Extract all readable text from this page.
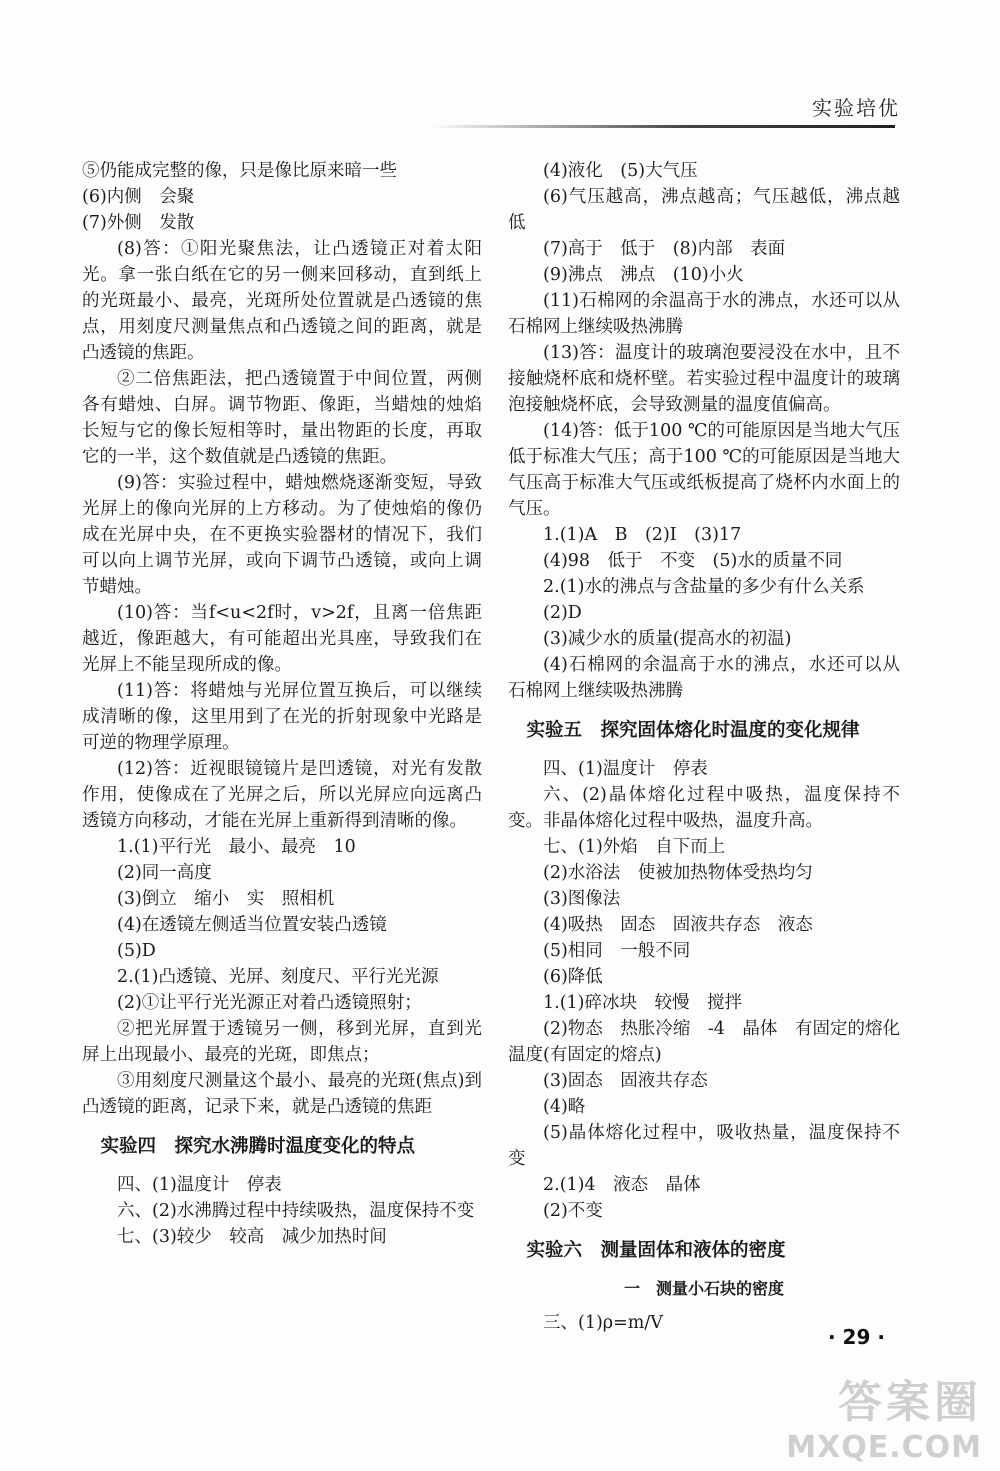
实验培优

⑤仍能成完整的像，只是像比原来暗一些

(6)内侧　会聚

(7)外侧　发散

(8)答：①阳光聚焦法，让凸透镜正对着太阳光。拿一张白纸在它的另一侧来回移动，直到纸上的光斑最小、最亮，光斑所处位置就是凸透镜的焦点，用刻度尺测量焦点和凸透镜之间的距离，就是凸透镜的焦距。

②二倍焦距法，把凸透镜置于中间位置，两侧各有蜡烛、白屏。调节物距、像距，当蜡烛的烛焰长短与它的像长短相等时，量出物距的长度，再取它的一半，这个数值就是凸透镜的焦距。

(9)答：实验过程中，蜡烛燃烧逐渐变短，导致光屏上的像向光屏的上方移动。为了使烛焰的像仍成在光屏中央，在不更换实验器材的情况下，我们可以向上调节光屏，或向下调节凸透镜，或向上调节蜡烛。

(10)答：当f<u<2f时，v>2f，且离一倍焦距越近，像距越大，有可能超出光具座，导致我们在光屏上不能呈现所成的像。

(11)答：将蜡烛与光屏位置互换后，可以继续成清晰的像，这里用到了在光的折射现象中光路是可逆的物理学原理。

(12)答：近视眼镜镜片是凹透镜，对光有发散作用，使像成在了光屏之后，所以光屏应向远离凸透镜方向移动，才能在光屏上重新得到清晰的像。

1.(1)平行光　最小、最亮　10

(2)同一高度

(3)倒立　缩小　实　照相机

(4)在透镜左侧适当位置安装凸透镜

(5)D

2.(1)凸透镜、光屏、刻度尺、平行光光源

(2)①让平行光光源正对着凸透镜照射；

②把光屏置于透镜另一侧，移到光屏，直到光屏上出现最小、最亮的光斑，即焦点；

③用刻度尺测量这个最小、最亮的光斑(焦点)到凸透镜的距离，记录下来，就是凸透镜的焦距

实验四　探究水沸腾时温度变化的特点

四、(1)温度计　停表

六、(2)水沸腾过程中持续吸热，温度保持不变

七、(3)较少　较高　减少加热时间

(4)液化　(5)大气压

(6)气压越高，沸点越高；气压越低，沸点越低

(7)高于　低于　(8)内部　表面

(9)沸点　沸点　(10)小火

(11)石棉网的余温高于水的沸点，水还可以从石棉网上继续吸热沸腾

(13)答：温度计的玻璃泡要浸没在水中，且不接触烧杯底和烧杯壁。若实验过程中温度计的玻璃泡接触烧杯底，会导致测量的温度值偏高。

(14)答：低于100 ℃的可能原因是当地大气压低于标准大气压；高于100 ℃的可能原因是当地大气压高于标准大气压或纸板提高了烧杯内水面上的气压。

1.(1)A　B　(2)Ⅰ　(3)17

(4)98　低于　不变　(5)水的质量不同

2.(1)水的沸点与含盐量的多少有什么关系

(2)D

(3)减少水的质量(提高水的初温)

(4)石棉网的余温高于水的沸点，水还可以从石棉网上继续吸热沸腾

实验五　探究固体熔化时温度的变化规律

四、(1)温度计　停表

六、(2)晶体熔化过程中吸热，温度保持不变。非晶体熔化过程中吸热，温度升高。

七、(1)外焰　自下而上

(2)水浴法　使被加热物体受热均匀

(3)图像法

(4)吸热　固态　固液共存态　液态

(5)相同　一般不同

(6)降低

1.(1)碎冰块　较慢　搅拌

(2)物态　热胀冷缩　-4　晶体　有固定的熔化温度(有固定的熔点)

(3)固态　固液共存态

(4)略

(5)晶体熔化过程中，吸收热量，温度保持不变

2.(1)4　液态　晶体

(2)不变

实验六　测量固体和液体的密度

一　测量小石块的密度

三、(1)ρ=m/V

· 29 ·
答案圈
MXQE.COM
